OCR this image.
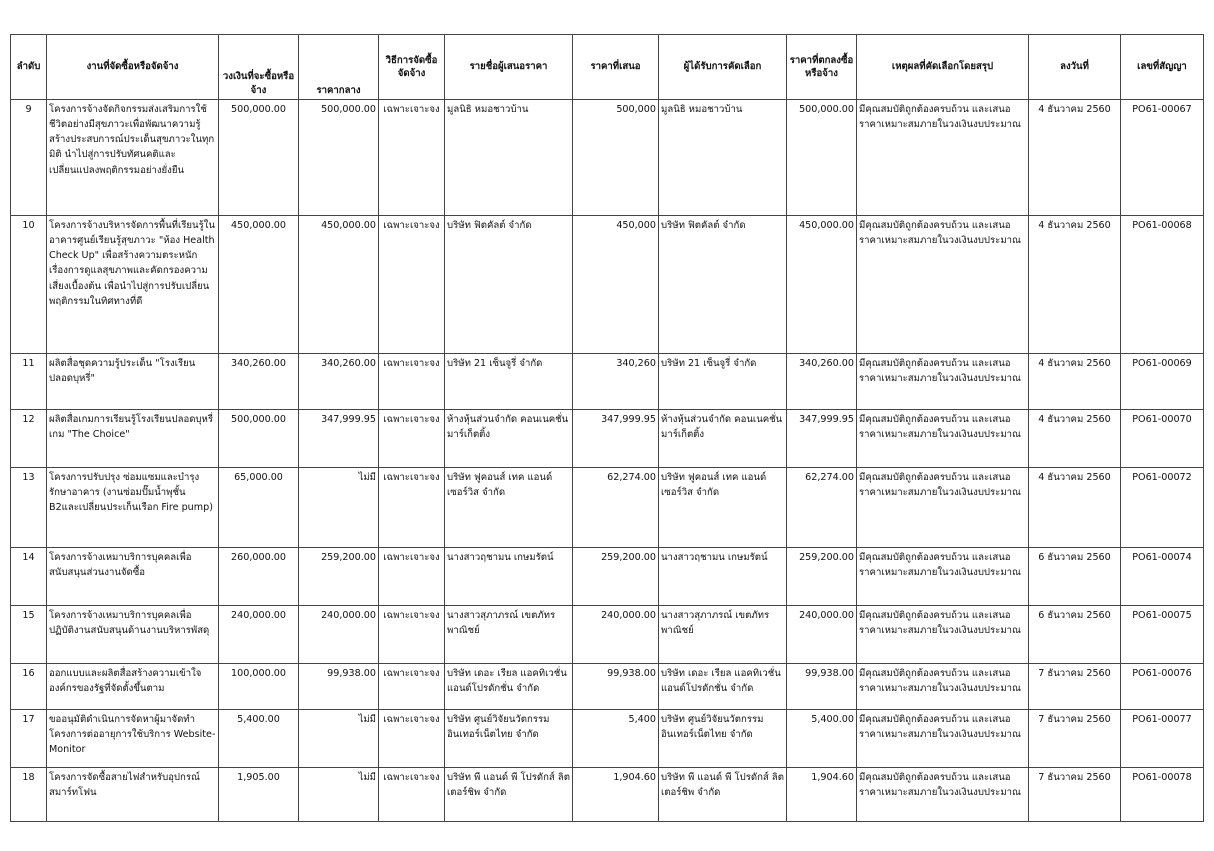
ลำดับ	งานที่จัดซื้อหรือจัดจ้าง	วงเงินที่จะซื้อหรือจ้าง	ราคากลาง	วิธีการจัดซื้อจัดจ้าง	รายชื่อผู้เสนอราคา	ราคาที่เสนอ	ผู้ได้รับการคัดเลือก	ราคาที่ตกลงซื้อหรือจ้าง	เหตุผลที่คัดเลือกโดยสรุป	ลงวันที่	เลขที่สัญญา
9	โครงการจ้างจัดกิจกรรมส่งเสริมการใช้ชีวิตอย่างมีสุขภาวะเพื่อพัฒนาความรู้ สร้างประสบการณ์ประเด็นสุขภาวะในทุกมิติ นำไปสู่การปรับทัศนคติและเปลี่ยนแปลงพฤติกรรมอย่างยั่งยืน	500,000.00	500,000.00	เฉพาะเจาะจง	มูลนิธิ หมอชาวบ้าน	500,000	มูลนิธิ หมอชาวบ้าน	500,000.00	มีคุณสมบัติถูกต้องครบถ้วน และเสนอราคาเหมาะสมภายในวงเงินงบประมาณ	4 ธันวาคม 2560	PO61-00067
10	โครงการจ้างบริหารจัดการพื้นที่เรียนรู้ในอาคารศูนย์เรียนรู้สุขภาวะ "ห้อง Health Check Up" เพื่อสร้างความตระหนักเรื่องการดูแลสุขภาพและคัดกรองความเสี่ยงเบื้องต้น เพื่อนำไปสู่การปรับเปลี่ยนพฤติกรรมในทิศทางที่ดี	450,000.00	450,000.00	เฉพาะเจาะจง	บริษัท ฟิตคัลต์ จำกัด	450,000	บริษัท ฟิตคัลต์ จำกัด	450,000.00	มีคุณสมบัติถูกต้องครบถ้วน และเสนอราคาเหมาะสมภายในวงเงินงบประมาณ	4 ธันวาคม 2560	PO61-00068
11	ผลิตสื่อชุดความรู้ประเด็น "โรงเรียนปลอดบุหรี่"	340,260.00	340,260.00	เฉพาะเจาะจง	บริษัท 21 เซ็นจูรี่ จำกัด	340,260	บริษัท 21 เซ็นจูรี่ จำกัด	340,260.00	มีคุณสมบัติถูกต้องครบถ้วน และเสนอราคาเหมาะสมภายในวงเงินงบประมาณ	4 ธันวาคม 2560	PO61-00069
12	ผลิตสื่อเกมการเรียนรู้โรงเรียนปลอดบุหรี่ เกม "The Choice"	500,000.00	347,999.95	เฉพาะเจาะจง	ห้างหุ้นส่วนจำกัด คอนเนคชั่น มาร์เก็ตติ้ง	347,999.95	ห้างหุ้นส่วนจำกัด คอนเนคชั่น มาร์เก็ตติ้ง	347,999.95	มีคุณสมบัติถูกต้องครบถ้วน และเสนอราคาเหมาะสมภายในวงเงินงบประมาณ	4 ธันวาคม 2560	PO61-00070
13	โครงการปรับปรุง ซ่อมแซมและบำรุงรักษาอาคาร (งานซ่อมปั๊มน้ำพุชั้น B2และเปลี่ยนประเก็นเรือก Fire pump)	65,000.00	ไม่มี	เฉพาะเจาะจง	บริษัท ฟูคอนส์ เทค แอนด์ เซอร์วิส จำกัด	62,274.00	บริษัท ฟูคอนส์ เทค แอนด์ เซอร์วิส จำกัด	62,274.00	มีคุณสมบัติถูกต้องครบถ้วน และเสนอราคาเหมาะสมภายในวงเงินงบประมาณ	4 ธันวาคม 2560	PO61-00072
14	โครงการจ้างเหมาบริการบุคคลเพื่อสนับสนุนส่วนงานจัดซื้อ	260,000.00	259,200.00	เฉพาะเจาะจง	นางสาวฤชามน เกษมรัตน์	259,200.00	นางสาวฤชามน เกษมรัตน์	259,200.00	มีคุณสมบัติถูกต้องครบถ้วน และเสนอราคาเหมาะสมภายในวงเงินงบประมาณ	6 ธันวาคม 2560	PO61-00074
15	โครงการจ้างเหมาบริการบุคคลเพื่อปฏิบัติงานสนับสนุนด้านงานบริหารพัสดุ	240,000.00	240,000.00	เฉพาะเจาะจง	นางสาวสุภาภรณ์ เขตภัทรพาณิชย์	240,000.00	นางสาวสุภาภรณ์ เขตภัทรพาณิชย์	240,000.00	มีคุณสมบัติถูกต้องครบถ้วน และเสนอราคาเหมาะสมภายในวงเงินงบประมาณ	6 ธันวาคม 2560	PO61-00075
16	ออกแบบและผลิตสื่อสร้างความเข้าใจองค์กรของรัฐที่จัดตั้งขึ้นตาม	100,000.00	99,938.00	เฉพาะเจาะจง	บริษัท เดอะ เรียล แอคทิเวชั่น แอนด์โปรดักชั่น จำกัด	99,938.00	บริษัท เดอะ เรียล แอคทิเวชั่น แอนด์โปรดักชั่น จำกัด	99,938.00	มีคุณสมบัติถูกต้องครบถ้วน และเสนอราคาเหมาะสมภายในวงเงินงบประมาณ	7 ธันวาคม 2560	PO61-00076
17	ขออนุมัติดำเนินการจัดหาผู้มาจัดทำโครงการต่ออายุการใช้บริการ Website-Monitor	5,400.00	ไม่มี	เฉพาะเจาะจง	บริษัท ศูนย์วิจัยนวัตกรรมอินเทอร์เน็ตไทย จำกัด	5,400	บริษัท ศูนย์วิจัยนวัตกรรมอินเทอร์เน็ตไทย จำกัด	5,400.00	มีคุณสมบัติถูกต้องครบถ้วน และเสนอราคาเหมาะสมภายในวงเงินงบประมาณ	7 ธันวาคม 2560	PO61-00077
18	โครงการจัดซื้อสายไฟสำหรับอุปกรณ์สมาร์ทโฟน	1,905.00	ไม่มี	เฉพาะเจาะจง	บริษัท พี แอนด์ พี โปรดักส์ ลิตเตอร์ชิพ จำกัด	1,904.60	บริษัท พี แอนด์ พี โปรดักส์ ลิตเตอร์ชิพ จำกัด	1,904.60	มีคุณสมบัติถูกต้องครบถ้วน และเสนอราคาเหมาะสมภายในวงเงินงบประมาณ	7 ธันวาคม 2560	PO61-00078
